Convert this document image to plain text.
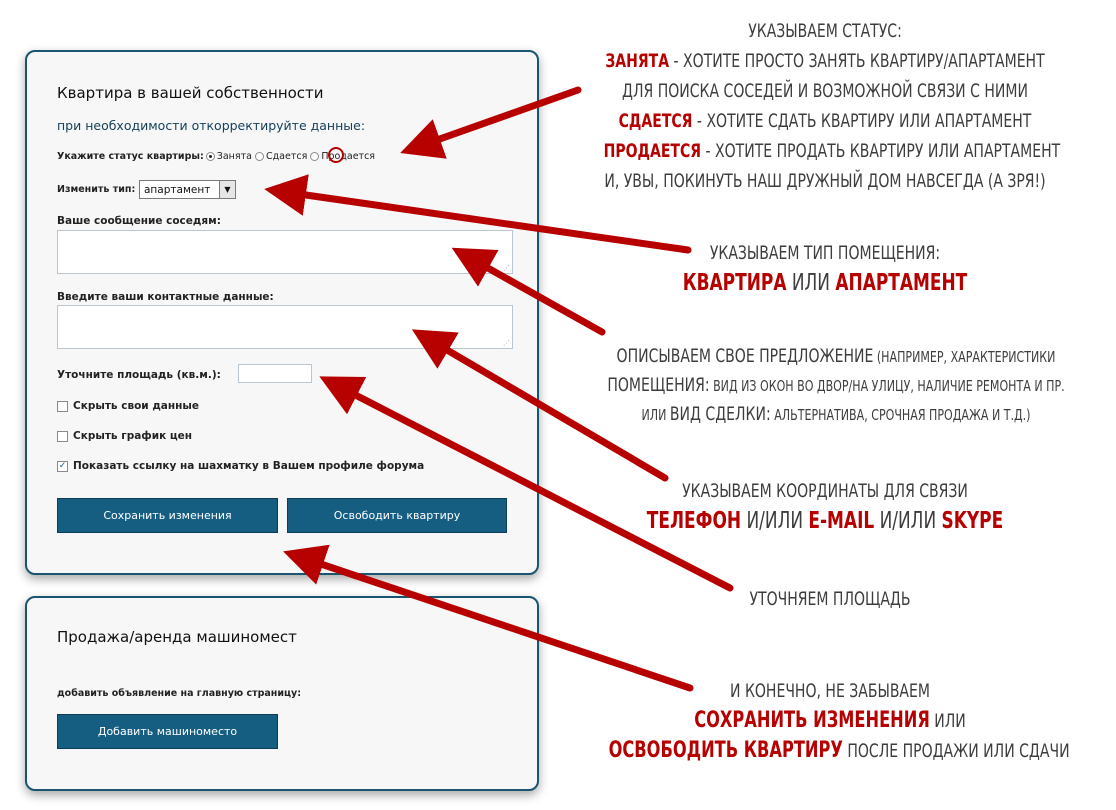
Квартира в вашей собственности
при необходимости откорректируйте данные:
Укажите статус квартиры: Занята Сдается Продается
Изменить тип: апартамент	▼
Ваше сообщение соседям:
⋰
Введите ваши контактные данные:
⋰
Уточните площадь (кв.м.):
Скрыть свои данные
Скрыть график цен
✓ Показать ссылку на шахматку в Вашем профиле форума
Сохранить изменения	Освободить квартиру
Продажа/аренда машиномест
добавить объявление на главную страницу:
Добавить машиноместо
УКАЗЫВАЕМ СТАТУС:
ЗАНЯТА - ХОТИТЕ ПРОСТО ЗАНЯТЬ КВАРТИРУ/АПАРТАМЕНТ
ДЛЯ ПОИСКА СОСЕДЕЙ И ВОЗМОЖНОЙ СВЯЗИ С НИМИ
СДАЕТСЯ - ХОТИТЕ СДАТЬ КВАРТИРУ ИЛИ АПАРТАМЕНТ
ПРОДАЕТСЯ - ХОТИТЕ ПРОДАТЬ КВАРТИРУ ИЛИ АПАРТАМЕНТ
И, УВЫ, ПОКИНУТЬ НАШ ДРУЖНЫЙ ДОМ НАВСЕГДА (А ЗРЯ!)
УКАЗЫВАЕМ ТИП ПОМЕЩЕНИЯ:
КВАРТИРА ИЛИ АПАРТАМЕНТ
ОПИСЫВАЕМ СВОЕ ПРЕДЛОЖЕНИЕ (НАПРИМЕР, ХАРАКТЕРИСТИКИ
ПОМЕЩЕНИЯ: ВИД ИЗ ОКОН ВО ДВОР/НА УЛИЦУ, НАЛИЧИЕ РЕМОНТА И ПР.
ИЛИ ВИД СДЕЛКИ: АЛЬТЕРНАТИВА, СРОЧНАЯ ПРОДАЖА И Т.Д.)
УКАЗЫВАЕМ КООРДИНАТЫ ДЛЯ СВЯЗИ
ТЕЛЕФОН И/ИЛИ E-MAIL И/ИЛИ SKYPE
УТОЧНЯЕМ ПЛОЩАДЬ
И КОНЕЧНО, НЕ ЗАБЫВАЕМ
СОХРАНИТЬ ИЗМЕНЕНИЯ ИЛИ
ОСВОБОДИТЬ КВАРТИРУ ПОСЛЕ ПРОДАЖИ ИЛИ СДАЧИ
